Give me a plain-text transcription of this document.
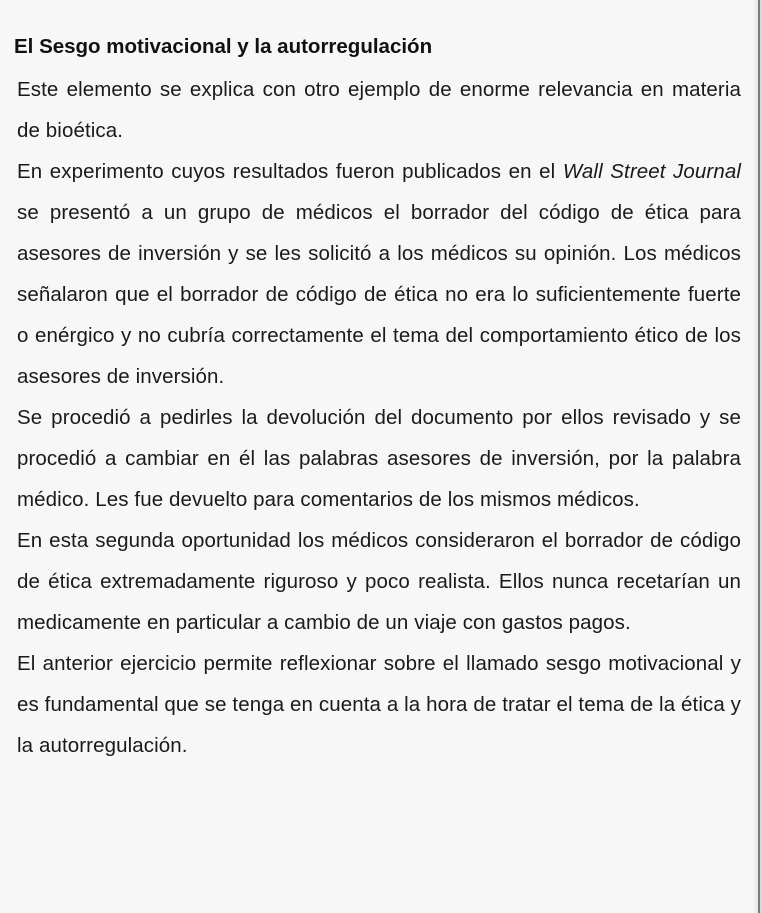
El Sesgo motivacional y la autorregulación

Este elemento se explica con otro ejemplo de enorme relevancia en materia de bioética.

En experimento cuyos resultados fueron publicados en el Wall Street Journal se presentó a un grupo de médicos el borrador del código de ética para asesores de inversión y se les solicitó a los médicos su opinión. Los médicos señalaron que el borrador de código de ética no era lo suficientemente fuerte o enérgico y no cubría correctamente el tema del comportamiento ético de los asesores de inversión.

Se procedió a pedirles la devolución del documento por ellos revisado y se procedió a cambiar en él las palabras asesores de inversión, por la palabra médico. Les fue devuelto para comentarios de los mismos médicos.

En esta segunda oportunidad los médicos consideraron el borrador de código de ética extremadamente riguroso y poco realista. Ellos nunca recetarían un medicamente en particular a cambio de un viaje con gastos pagos.

El anterior ejercicio permite reflexionar sobre el llamado sesgo motivacional y es fundamental que se tenga en cuenta a la hora de tratar el tema de la ética y la autorregulación.
